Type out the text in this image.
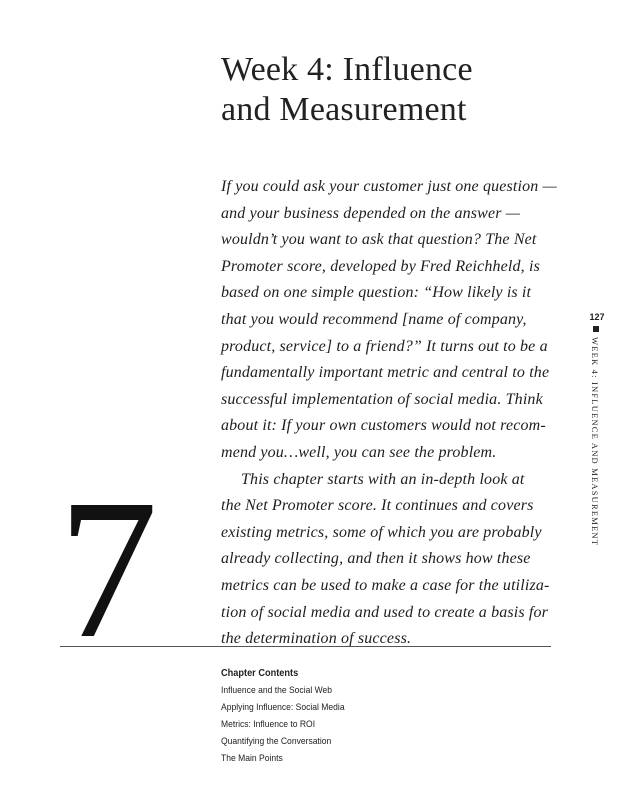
Week 4: Influence
and Measurement
If you could ask your customer just one question —
and your business depended on the answer —
wouldn’t you want to ask that question? The Net
Promoter score, developed by Fred Reichheld, is
based on one simple question: “How likely is it
that you would recommend [name of company,
product, service] to a friend?” It turns out to be a
fundamentally important metric and central to the
successful implementation of social media. Think
about it: If your own customers would not recom-
mend you…well, you can see the problem.
This chapter starts with an in-depth look at
the Net Promoter score. It continues and covers
existing metrics, some of which you are probably
already collecting, and then it shows how these
metrics can be used to make a case for the utiliza-
tion of social media and used to create a basis for
the determination of success.
7	Chapter Contents
Influence and the Social Web
Applying Influence: Social Media
Metrics: Influence to ROI
Quantifying the Conversation
The Main Points
127
WEEK 4: INFLUENCE AND MEASUREMENT
